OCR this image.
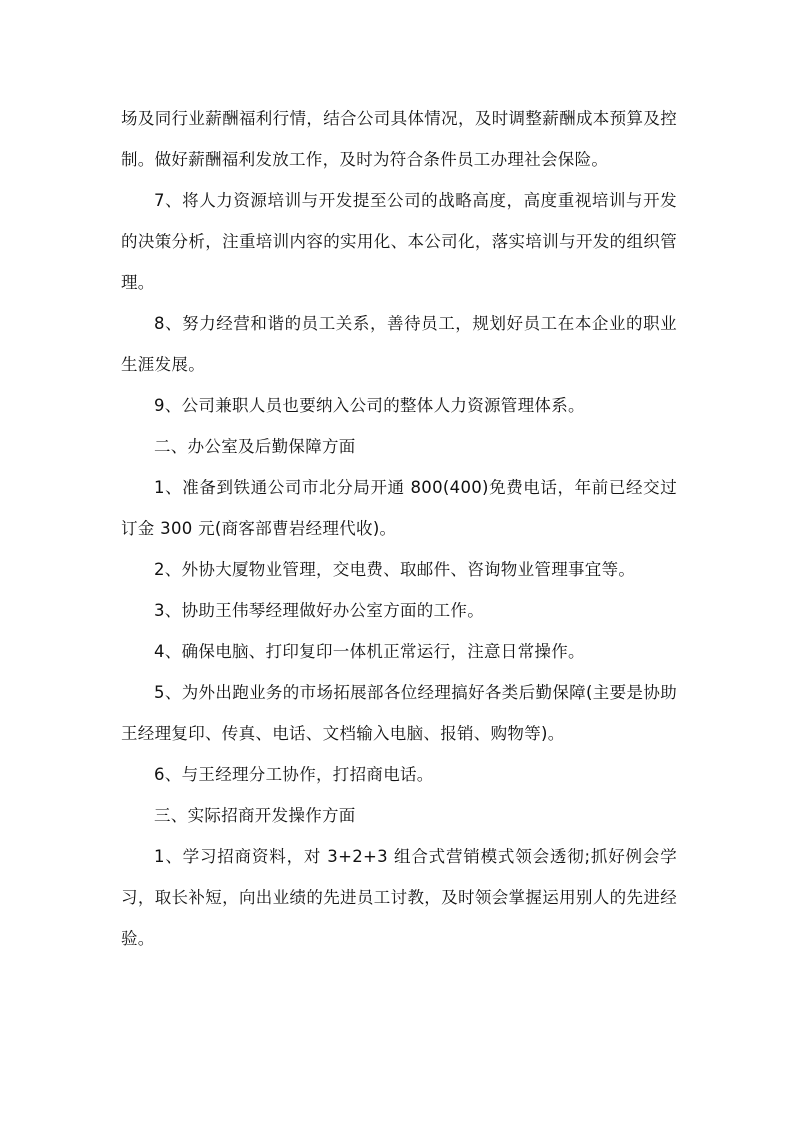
场及同行业薪酬福利行情，结合公司具体情况，及时调整薪酬成本预算及控制。做好薪酬福利发放工作，及时为符合条件员工办理社会保险。

7、将人力资源培训与开发提至公司的战略高度，高度重视培训与开发的决策分析，注重培训内容的实用化、本公司化，落实培训与开发的组织管理。

8、努力经营和谐的员工关系，善待员工，规划好员工在本企业的职业生涯发展。

9、公司兼职人员也要纳入公司的整体人力资源管理体系。

二、办公室及后勤保障方面

1、准备到铁通公司市北分局开通 800(400)免费电话，年前已经交过订金 300 元(商客部曹岩经理代收)。

2、外协大厦物业管理，交电费、取邮件、咨询物业管理事宜等。

3、协助王伟琴经理做好办公室方面的工作。

4、确保电脑、打印复印一体机正常运行，注意日常操作。

5、为外出跑业务的市场拓展部各位经理搞好各类后勤保障(主要是协助王经理复印、传真、电话、文档输入电脑、报销、购物等)。

6、与王经理分工协作，打招商电话。

三、实际招商开发操作方面

1、学习招商资料，对 3+2+3 组合式营销模式领会透彻;抓好例会学习，取长补短，向出业绩的先进员工讨教，及时领会掌握运用别人的先进经验。
